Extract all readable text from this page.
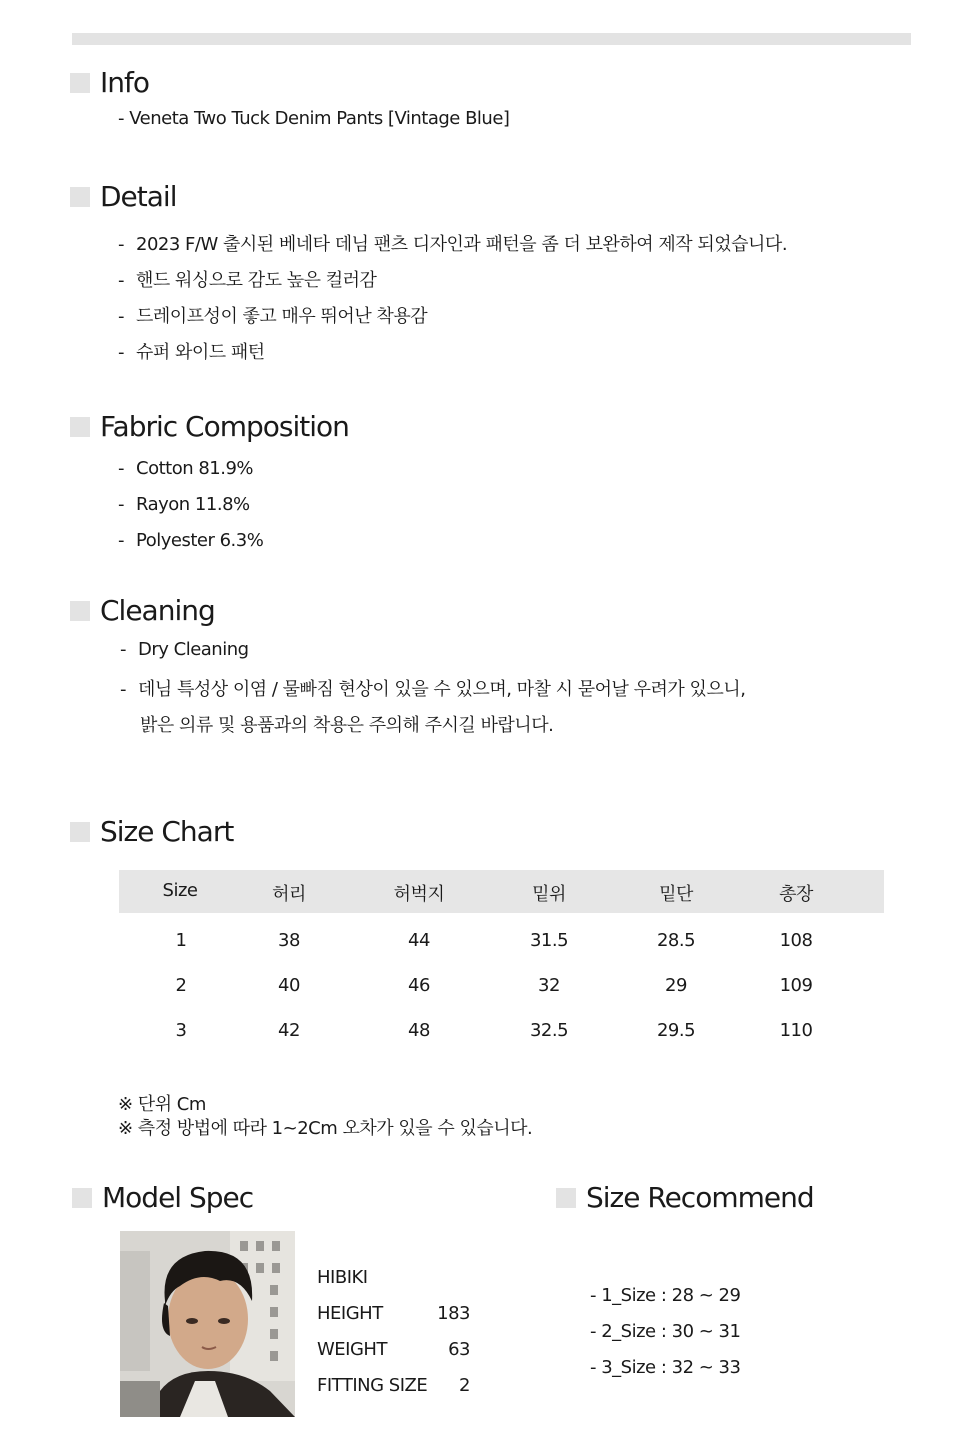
Info
- Veneta Two Tuck Denim Pants [Vintage Blue]
Detail
- 2023 F/W 출시된 베네타 데님 팬츠 디자인과 패턴을 좀 더 보완하여 제작 되었습니다.
- 핸드 워싱으로 감도 높은 컬러감
- 드레이프성이 좋고 매우 뛰어난 착용감
- 슈퍼 와이드 패턴
Fabric Composition
- Cotton 81.9%
- Rayon 11.8%
- Polyester 6.3%
Cleaning
- Dry Cleaning
- 데님 특성상 이염 / 물빠짐 현상이 있을 수 있으며, 마찰 시 묻어날 우려가 있으니,
밝은 의류 및 용품과의 착용은 주의해 주시길 바랍니다.
Size Chart
Size	허리	허벅지	밑위	밑단	총장
1	38	44	31.5	28.5	108
2	40	46	32	29	109
3	42	48	32.5	29.5	110
※ 단위 Cm
※ 측정 방법에 따라 1~2Cm 오차가 있을 수 있습니다.
Model Spec
HIBIKI
HEIGHT	183
WEIGHT	63
FITTING SIZE	2
Size Recommend
- 1_Size : 28 ~ 29
- 2_Size : 30 ~ 31
- 3_Size : 32 ~ 33
